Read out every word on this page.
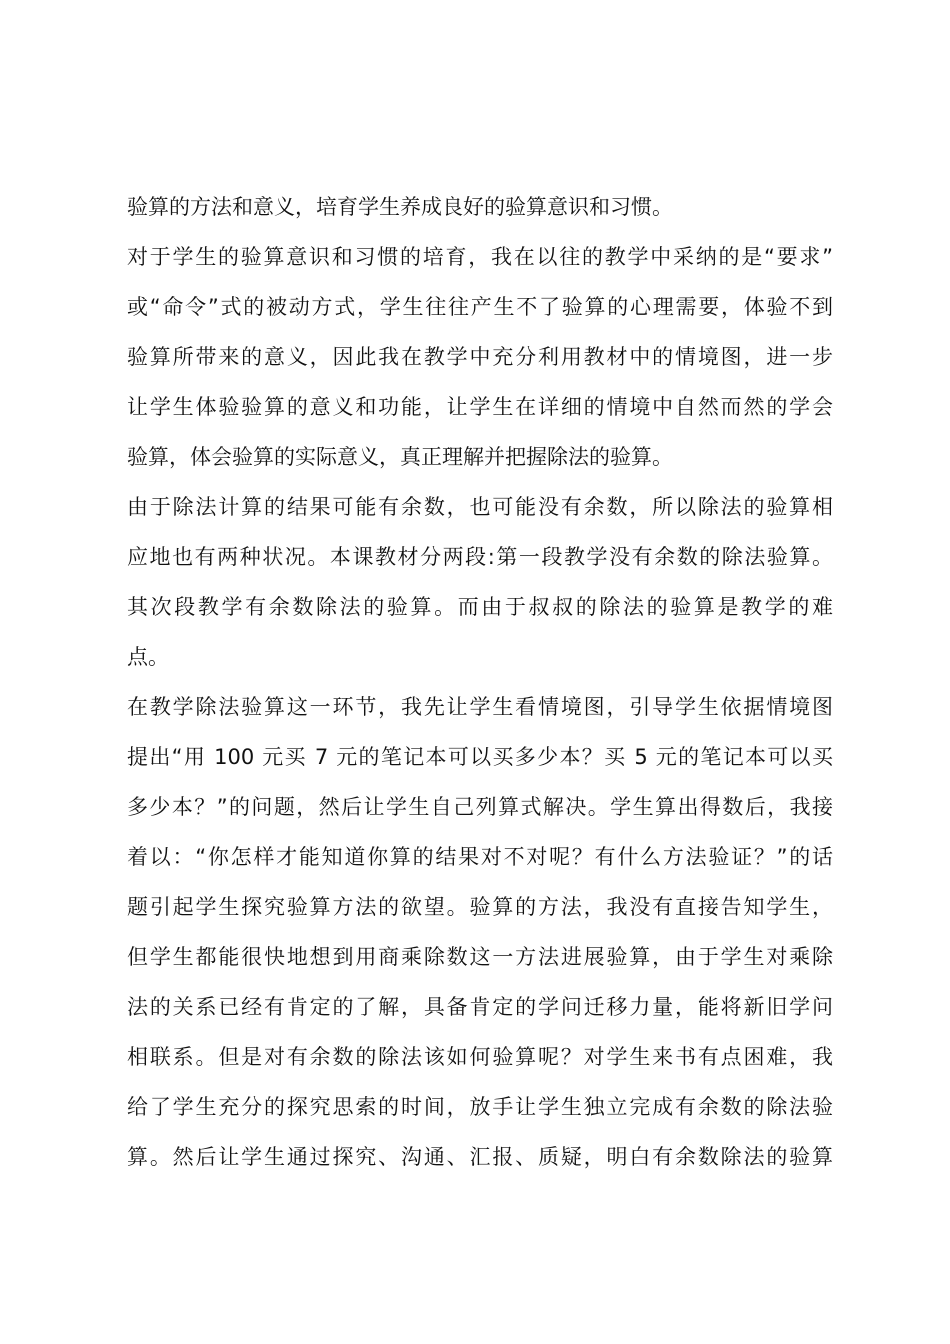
验算的方法和意义，培育学生养成良好的验算意识和习惯。
对于学生的验算意识和习惯的培育，我在以往的教学中采纳的是“要求”
或“命令”式的被动方式，学生往往产生不了验算的心理需要，体验不到
验算所带来的意义，因此我在教学中充分利用教材中的情境图，进一步
让学生体验验算的意义和功能，让学生在详细的情境中自然而然的学会
验算，体会验算的实际意义，真正理解并把握除法的验算。
由于除法计算的结果可能有余数，也可能没有余数，所以除法的验算相
应地也有两种状况。本课教材分两段:第一段教学没有余数的除法验算。
其次段教学有余数除法的验算。而由于叔叔的除法的验算是教学的难
点。
在教学除法验算这一环节，我先让学生看情境图，引导学生依据情境图
提出“用 100 元买 7 元的笔记本可以买多少本？买 5 元的笔记本可以买
多少本？”的问题，然后让学生自己列算式解决。学生算出得数后，我接
着以：“你怎样才能知道你算的结果对不对呢？有什么方法验证？”的话
题引起学生探究验算方法的欲望。验算的方法，我没有直接告知学生，
但学生都能很快地想到用商乘除数这一方法进展验算，由于学生对乘除
法的关系已经有肯定的了解，具备肯定的学问迁移力量，能将新旧学问
相联系。但是对有余数的除法该如何验算呢？对学生来书有点困难，我
给了学生充分的探究思索的时间，放手让学生独立完成有余数的除法验
算。然后让学生通过探究、沟通、汇报、质疑，明白有余数除法的验算
